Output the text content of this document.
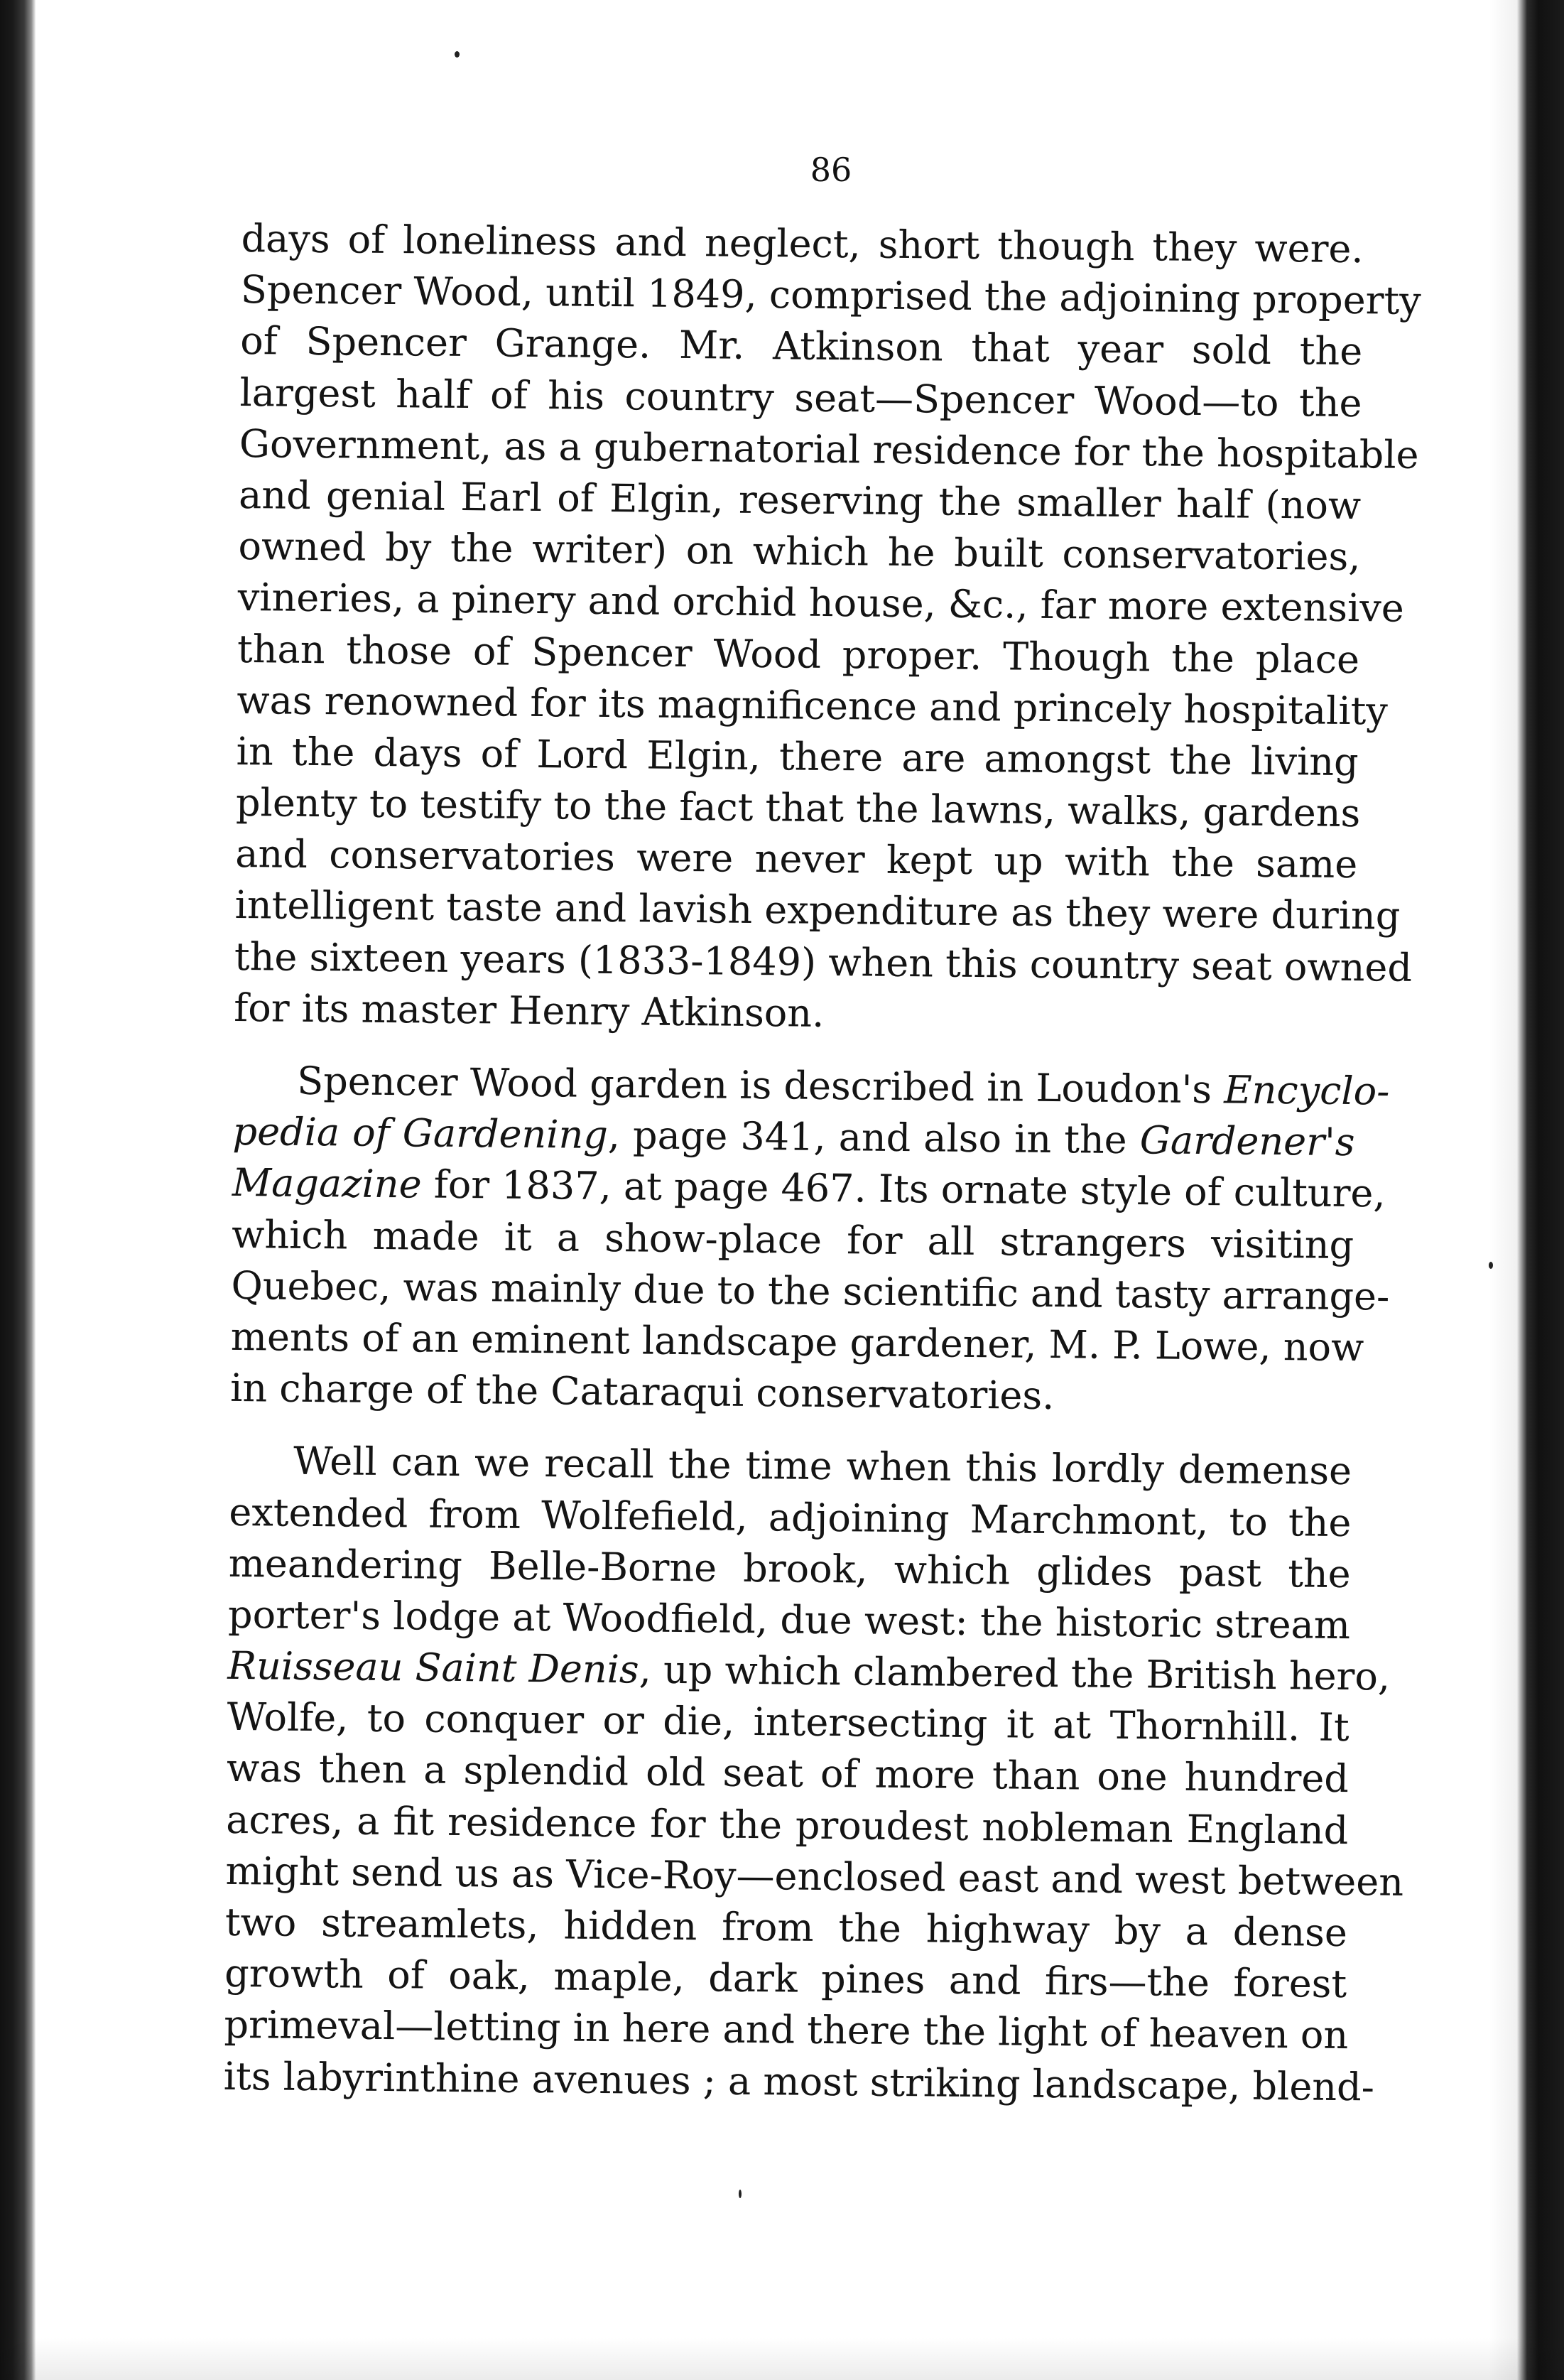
86
days of loneliness and neglect, short though they were.
Spencer Wood, until 1849, comprised the adjoining property
of Spencer Grange. Mr. Atkinson that year sold the
largest half of his country seat—Spencer Wood—to the
Government, as a gubernatorial residence for the hospitable
and genial Earl of Elgin, reserving the smaller half (now
owned by the writer) on which he built conservatories,
vineries, a pinery and orchid house, &c., far more extensive
than those of Spencer Wood proper. Though the place
was renowned for its magnificence and princely hospitality
in the days of Lord Elgin, there are amongst the living
plenty to testify to the fact that the lawns, walks, gardens
and conservatories were never kept up with the same
intelligent taste and lavish expenditure as they were during
the sixteen years (1833-1849) when this country seat owned
for its master Henry Atkinson.
Spencer Wood garden is described in Loudon's Encyclo-
pedia of Gardening, page 341, and also in the Gardener's
Magazine for 1837, at page 467. Its ornate style of culture,
which made it a show-place for all strangers visiting
Quebec, was mainly due to the scientific and tasty arrange-
ments of an eminent landscape gardener, M. P. Lowe, now
in charge of the Cataraqui conservatories.
Well can we recall the time when this lordly demense
extended from Wolfefield, adjoining Marchmont, to the
meandering Belle-Borne brook, which glides past the
porter's lodge at Woodfield, due west: the historic stream
Ruisseau Saint Denis, up which clambered the British hero,
Wolfe, to conquer or die, intersecting it at Thornhill. It
was then a splendid old seat of more than one hundred
acres, a fit residence for the proudest nobleman England
might send us as Vice-Roy—enclosed east and west between
two streamlets, hidden from the highway by a dense
growth of oak, maple, dark pines and firs—the forest
primeval—letting in here and there the light of heaven on
its labyrinthine avenues ; a most striking landscape, blend-
